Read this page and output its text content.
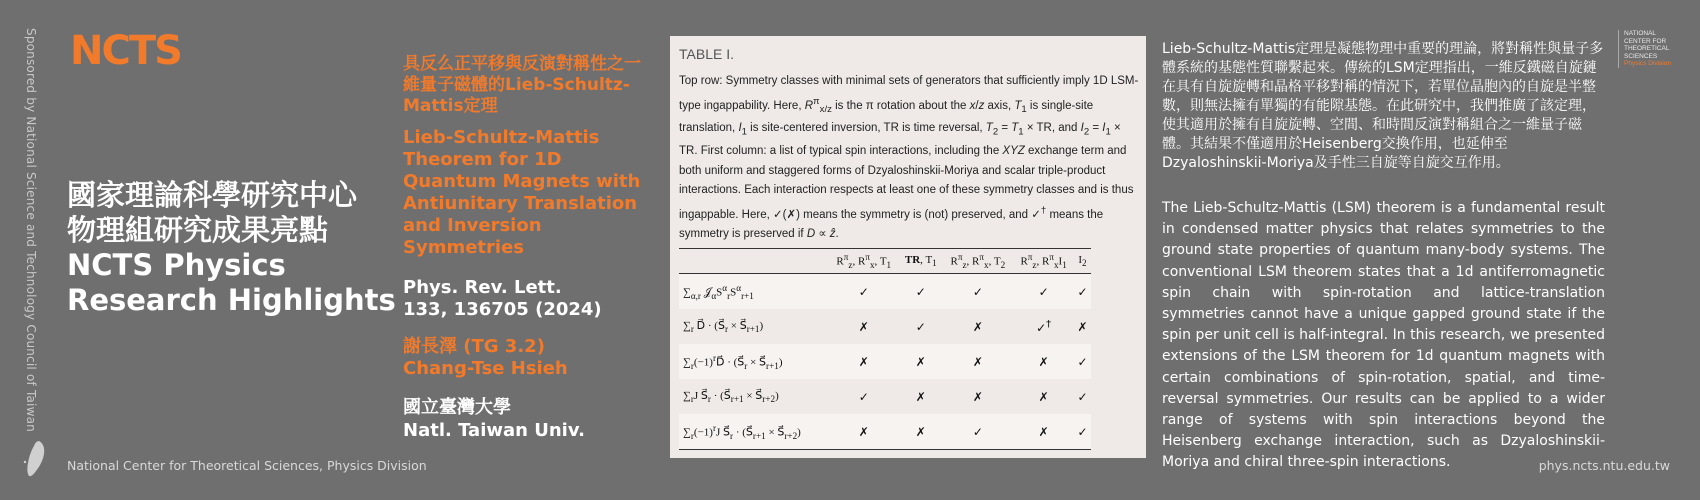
Sponsored by National Science and Technology Council of Taiwan NCTS
國家理論科學研究中心
物理組研究成果亮點
NCTS Physics
Research Highlights
具反么正平移與反演對稱性之一維量子磁體的Lieb-Schultz-Mattis定理
Lieb-Schultz-Mattis Theorem for 1D Quantum Magnets with Antiunitary Translation and Inversion Symmetries
Phys. Rev. Lett.
133, 136705 (2024)
謝長澤 (TG 3.2)
Chang-Tse Hsieh
國立臺灣大學
Natl. Taiwan Univ.
TABLE I.
Top row: Symmetry classes with minimal sets of generators that sufficiently imply 1D LSM-type ingappability. Here, $R^\pi_{x/z}$ is the π rotation about the x/z axis, $T_1$ is single-site translation, $I_1$ is site-centered inversion, TR is time reversal, $T_2 = T_1$ × TR, and $I_2 = I_1$ × TR. First column: a list of typical spin interactions, including the XYZ exchange term and both uniform and staggered forms of Dzyaloshinskii-Moriya and scalar triple-product interactions. Each interaction respects at least one of these symmetry classes and is thus ingappable. Here, ✓(✗) means the symmetry is (not) preserved, and ✓† means the symmetry is preserved if D ∝ ẑ.
	$R^\pi_z$, $R^\pi_x$, $T_1$	TR, $T_1$	$R^\pi_z$, $R^\pi_x$, $T_2$	$R^\pi_z$, $R^\pi_xI_1$	$I_2$
$\sum_{\alpha,r}$ $𝒥_\alpha S^\alpha_rS^\alpha_{r+1}$	✓	✓	✓	✓	✓
$\sum_r$ D⃗ · ($S⃗_r$ × $S⃗_{r+1}$)	✗	✓	✗	✓†	✗
$\sum_r(-1)^rD⃗$ · ($S⃗_r$ × $S⃗_{r+1}$)	✗	✗	✗	✗	✓
$\sum_rJ$ $S⃗_r$ · ($S⃗_{r+1}$ × $S⃗_{r+2}$)	✓	✗	✗	✗	✓
$\sum_r(-1)^rJ$ $S⃗_r$ · ($S⃗_{r+1}$ × $S⃗_{r+2}$)	✗	✗	✓	✗	✓
Lieb-Schultz-Mattis定理是凝態物理中重要的理論，將對稱性與量子多體系統的基態性質聯繫起來。傳統的LSM定理指出，一維反鐵磁自旋鏈在具有自旋旋轉和晶格平移對稱的情況下，若單位晶胞內的自旋是半整數，則無法擁有單獨的有能隙基態。在此研究中，我們推廣了該定理，使其適用於擁有自旋旋轉、空間、和時間反演對稱組合之一維量子磁體。其結果不僅適用於Heisenberg交換作用，也延伸至Dzyaloshinskii-Moriya及手性三自旋等自旋交互作用。
The Lieb-Schultz-Mattis (LSM) theorem is a fundamental result in condensed matter physics that relates symmetries to the ground state properties of quantum many-body systems. The conventional LSM theorem states that a 1d antiferromagnetic spin chain with spin-rotation and lattice-translation symmetries cannot have a unique gapped ground state if the spin per unit cell is half-integral. In this research, we presented extensions of the LSM theorem for 1d quantum magnets with certain combinations of spin-rotation, spatial, and time-reversal symmetries. Our results can be applied to a wider range of systems with spin interactions beyond the Heisenberg exchange interaction, such as Dzyaloshinskii-Moriya and chiral three-spin interactions.
NATIONAL
CENTER FOR
THEORETICAL
SCIENCES
Physics Division
National Center for Theoretical Sciences, Physics Division	phys.ncts.ntu.edu.tw
